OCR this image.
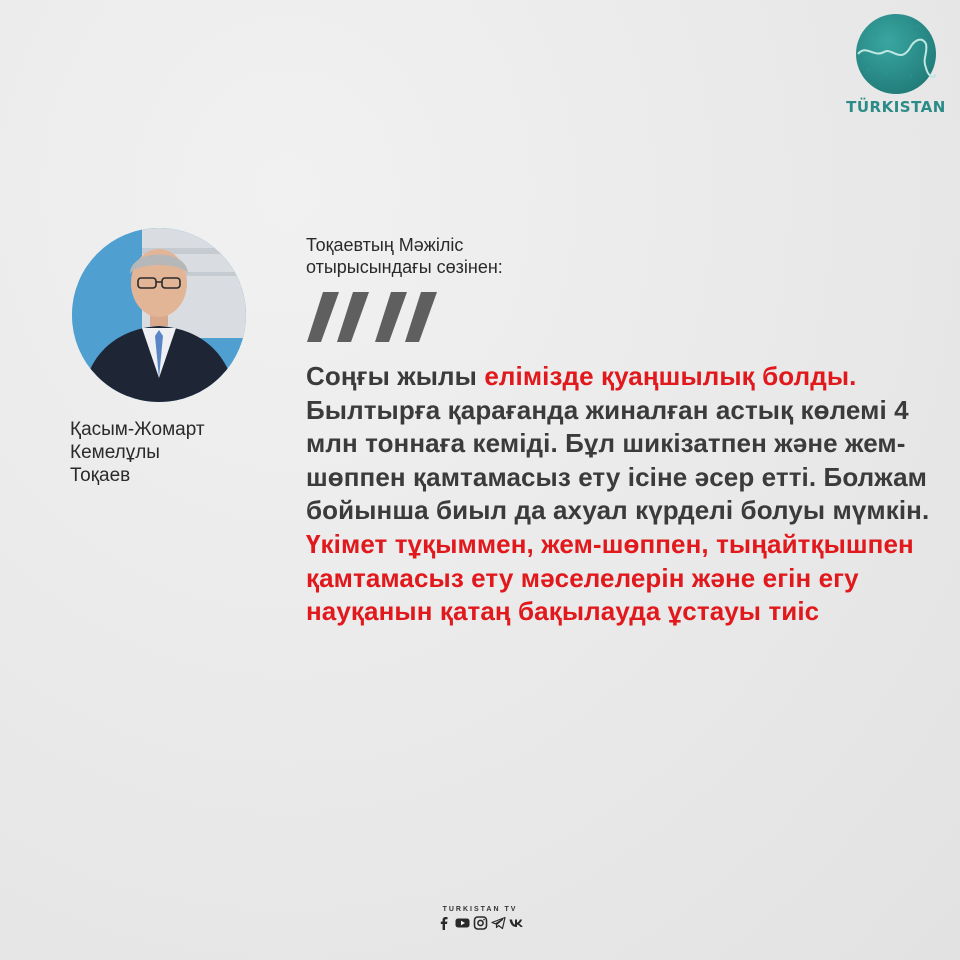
TÜRKISTAN
Қасым-Жомарт
Кемелұлы
Тоқаев
Тоқаевтың Мәжіліс
отырысындағы сөзінен:
Соңғы жылы елімізде қуаңшылық болды. Былтырға қарағанда жиналған астық көлемі 4 млн тоннаға кеміді. Бұл шикізатпен және жем-шөппен қамтамасыз ету ісіне әсер етті. Болжам бойынша биыл да ахуал күрделі болуы мүмкін. Үкімет тұқыммен, жем-шөппен, тыңайтқышпен қамтамасыз ету мәселелерін және егін егу науқанын қатаң бақылауда ұстауы тиіс
TURKISTAN TV
